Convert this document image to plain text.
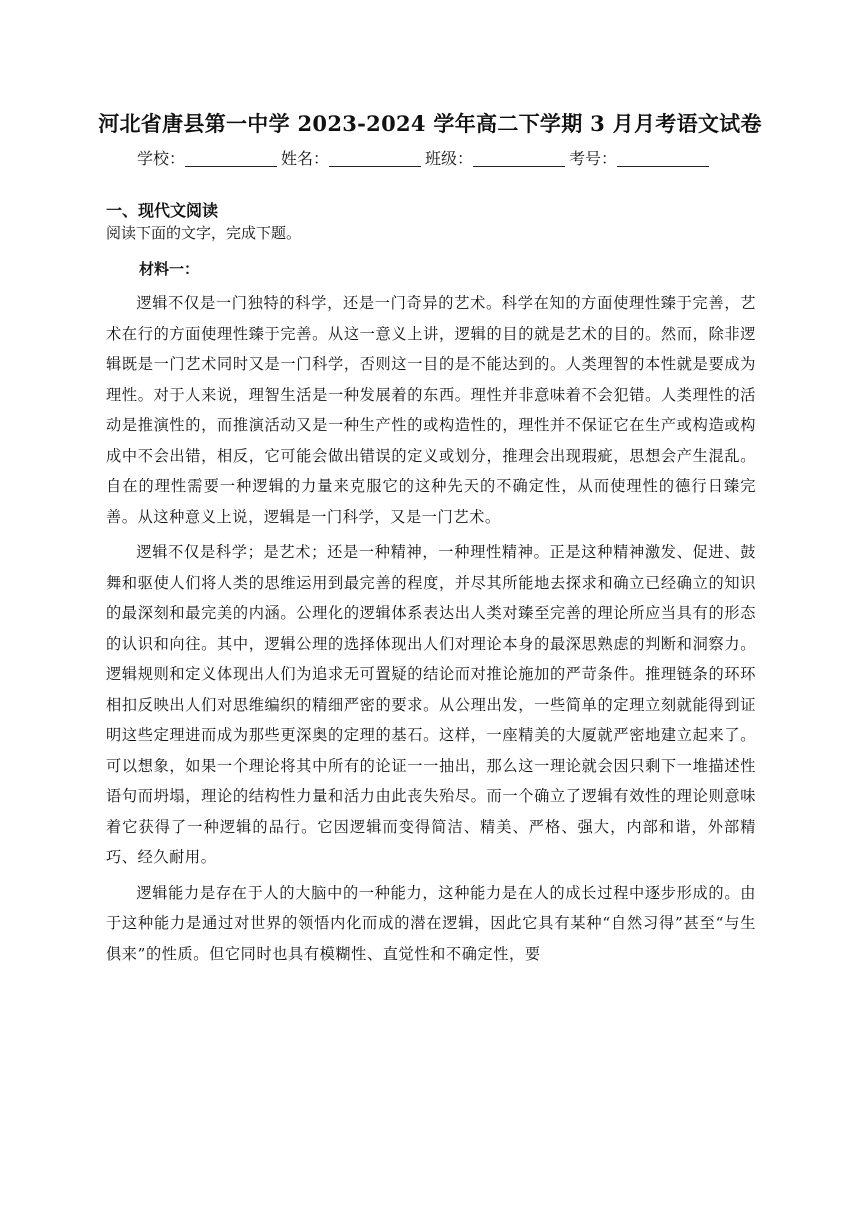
河北省唐县第一中学 2023-2024 学年高二下学期 3 月月考语文试卷
学校：	姓名：	班级：	考号：
一、现代文阅读
阅读下面的文字，完成下题。
材料一：

逻辑不仅是一门独特的科学，还是一门奇异的艺术。科学在知的方面使理性臻于完善，艺术在行的方面使理性臻于完善。从这一意义上讲，逻辑的目的就是艺术的目的。然而，除非逻辑既是一门艺术同时又是一门科学，否则这一目的是不能达到的。人类理智的本性就是要成为理性。对于人来说，理智生活是一种发展着的东西。理性并非意味着不会犯错。人类理性的活动是推演性的，而推演活动又是一种生产性的或构造性的，理性并不保证它在生产或构造或构成中不会出错，相反，它可能会做出错误的定义或划分，推理会出现瑕疵，思想会产生混乱。自在的理性需要一种逻辑的力量来克服它的这种先天的不确定性，从而使理性的德行日臻完善。从这种意义上说，逻辑是一门科学，又是一门艺术。

逻辑不仅是科学；是艺术；还是一种精神，一种理性精神。正是这种精神激发、促进、鼓舞和驱使人们将人类的思维运用到最完善的程度，并尽其所能地去探求和确立已经确立的知识的最深刻和最完美的内涵。公理化的逻辑体系表达出人类对臻至完善的理论所应当具有的形态的认识和向往。其中，逻辑公理的选择体现出人们对理论本身的最深思熟虑的判断和洞察力。逻辑规则和定义体现出人们为追求无可置疑的结论而对推论施加的严苛条件。推理链条的环环相扣反映出人们对思维编织的精细严密的要求。从公理出发，一些简单的定理立刻就能得到证明这些定理进而成为那些更深奥的定理的基石。这样，一座精美的大厦就严密地建立起来了。可以想象，如果一个理论将其中所有的论证一一抽出，那么这一理论就会因只剩下一堆描述性语句而坍塌，理论的结构性力量和活力由此丧失殆尽。而一个确立了逻辑有效性的理论则意味着它获得了一种逻辑的品行。它因逻辑而变得简洁、精美、严格、强大，内部和谐，外部精巧、经久耐用。

逻辑能力是存在于人的大脑中的一种能力，这种能力是在人的成长过程中逐步形成的。由于这种能力是通过对世界的领悟内化而成的潜在逻辑，因此它具有某种“自然习得”甚至“与生俱来”的性质。但它同时也具有模糊性、直觉性和不确定性，要
